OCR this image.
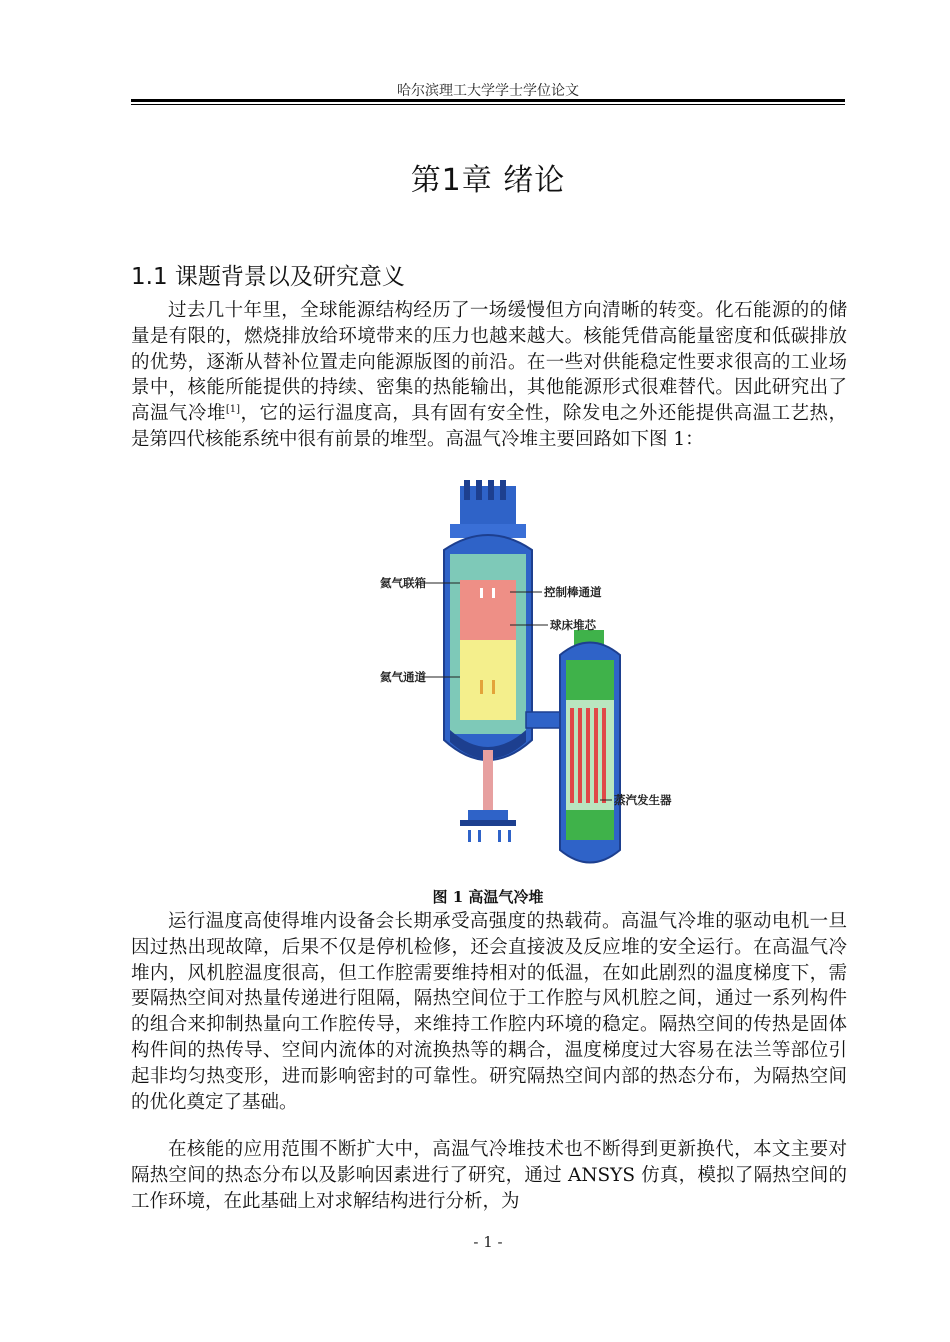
哈尔滨理工大学学士学位论文
第1章 绪论
1.1 课题背景以及研究意义
过去几十年里，全球能源结构经历了一场缓慢但方向清晰的转变。化石能源的的储量是有限的，燃烧排放给环境带来的压力也越来越大。核能凭借高能量密度和低碳排放的优势，逐渐从替补位置走向能源版图的前沿。在一些对供能稳定性要求很高的工业场景中，核能所能提供的持续、密集的热能输出，其他能源形式很难替代。因此研究出了高温气冷堆[1]，它的运行温度高，具有固有安全性，除发电之外还能提供高温工艺热，是第四代核能系统中很有前景的堆型。高温气冷堆主要回路如下图 1：
氦气联箱
控制棒通道
球床堆芯
氦气通道
蒸汽发生器
图 1 高温气冷堆
运行温度高使得堆内设备会长期承受高强度的热载荷。高温气冷堆的驱动电机一旦因过热出现故障，后果不仅是停机检修，还会直接波及反应堆的安全运行。在高温气冷堆内，风机腔温度很高，但工作腔需要维持相对的低温，在如此剧烈的温度梯度下，需要隔热空间对热量传递进行阻隔，隔热空间位于工作腔与风机腔之间，通过一系列构件的组合来抑制热量向工作腔传导，来维持工作腔内环境的稳定。隔热空间的传热是固体构件间的热传导、空间内流体的对流换热等的耦合，温度梯度过大容易在法兰等部位引起非均匀热变形，进而影响密封的可靠性。研究隔热空间内部的热态分布，为隔热空间的优化奠定了基础。
在核能的应用范围不断扩大中，高温气冷堆技术也不断得到更新换代，本文主要对隔热空间的热态分布以及影响因素进行了研究，通过 ANSYS 仿真，模拟了隔热空间的工作环境，在此基础上对求解结构进行分析，为
- 1 -
